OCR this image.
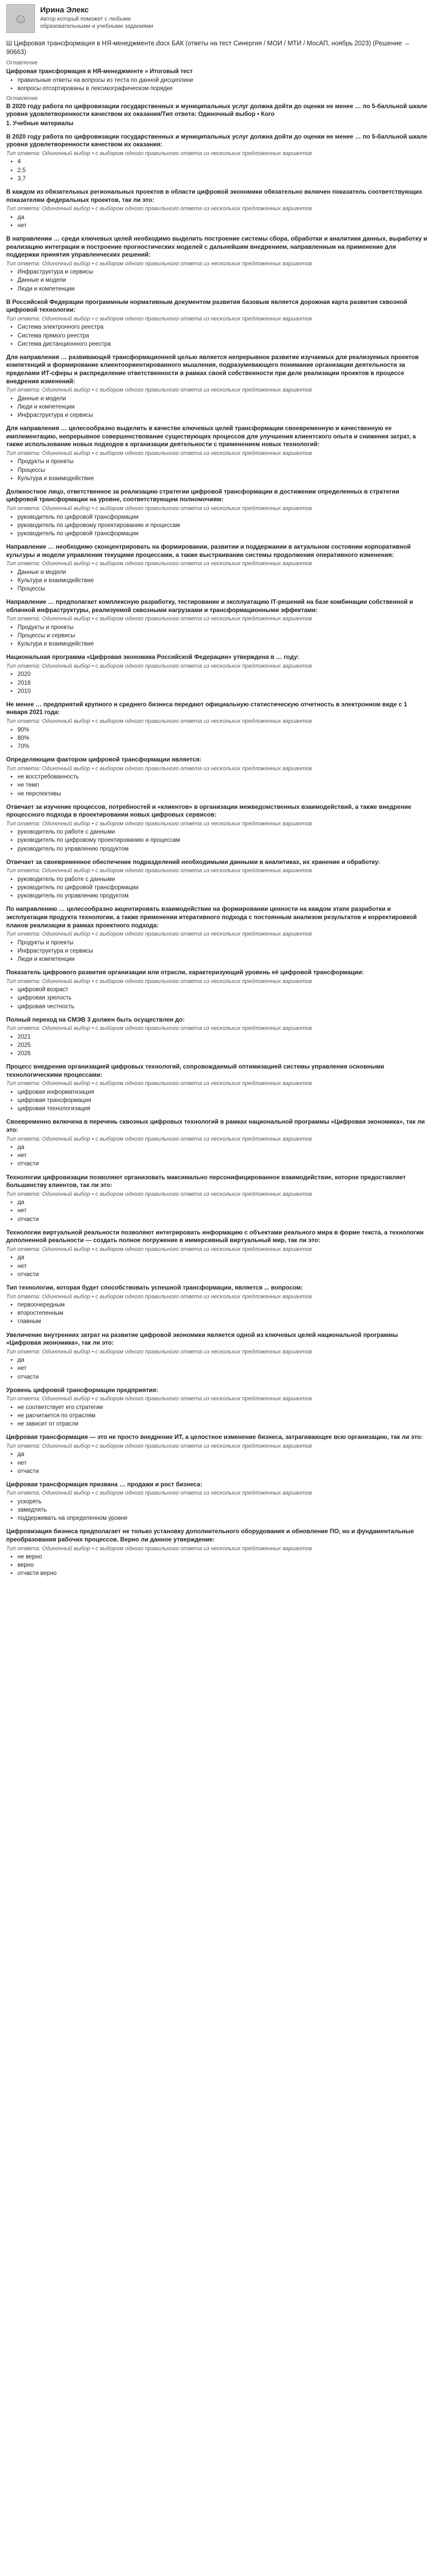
☺
Ирина Элекс
Автор который поможет с любыми образовательными и учебными заданиями
Ш Цифровая трансформация в НЯ-менеджменте.docx БАК (ответы на тест Синергия / МОИ / МТИ / МосАП, ноябрь 2023) (Решение → 90663)
Оглавление
Цифровая трансформация в НЯ-менеджменте » Итоговый тест
• правильные ответы на вопросы из теста по данной дисциплине
• вопросы отсортированы в лексикографическом порядке
Оглавление
В 2020 году работа по цифровизации государственных и муниципальных услуг должна дойти до оценки не менее … по 5-балльной шкале уровня удовлетворенности качеством их оказания/Тип ответа: Одиночный выбор • Кого
1. Учебные материалы
В 2020 году работа по цифровизации государственных и муниципальных услуг должна дойти до оценки не менее … по 5-балльной шкале уровня удовлетворенности качеством их оказания:
Тип ответа: Одиночный выбор • с выбором одного правильного ответа из нескольких предложенных вариантов
• 4
• 2,5
• 3,7
В каждом из обязательных региональных проектов в области цифровой экономики обязательно включен показатель соответствующих показателям федеральных проектов, так ли это:
Тип ответа: Одиночный выбор • с выбором одного правильного ответа из нескольких предложенных вариантов
• да
• нет
В направлении … среди ключевых целей необходимо выделить построение системы сбора, обработки и аналитики данных, выработку и реализацию интеграции и построение прогностических моделей с дальнейшим внедрением, направленным на применение для поддержки принятия управленческих решений:
Тип ответа: Одиночный выбор • с выбором одного правильного ответа из нескольких предложенных вариантов
• Инфраструктура и сервисы
• Данные и модели
• Люди и компетенции
В Российской Федерации программным нормативным документом развития базовым является дорожная карта развития сквозной цифровой технологии:
Тип ответа: Одиночный выбор • с выбором одного правильного ответа из нескольких предложенных вариантов
• Система электронного реестра
• Система прямого реестра
• Система дистанционного реестра
Для направления … развивающей трансформационной целью является непрерывное развитие изучаемых для реализуемых проектов компетенций и формирование клиентоориентированного мышления, подразумевающего понимание организации деятельности за пределами ИТ-сферы и распределение ответственности в рамках своей собственности при деле реализации проектов в процессе внедрения изменений:
Тип ответа: Одиночный выбор • с выбором одного правильного ответа из нескольких предложенных вариантов
• Данные и модели
• Люди и компетенции
• Инфраструктура и сервисы
Для направления … целесообразно выделить в качестве ключевых целей трансформации своевременную и качественную ее имплементацию, непрерывное совершенствование существующих процессов для улучшения клиентского опыта и снижения затрат, а также использование новых подходов к организации деятельности с применением новых технологий:
Тип ответа: Одиночный выбор • с выбором одного правильного ответа из нескольких предложенных вариантов
• Продукты и проекты
• Процессы
• Культура и взаимодействие
Должностное лицо, ответственное за реализацию стратегии цифровой трансформации в достижении определенных в стратегии цифровой трансформации на уровне, соответствующем полномочиям:
Тип ответа: Одиночный выбор • с выбором одного правильного ответа из нескольких предложенных вариантов
• руководитель по цифровой трансформации
• руководитель по цифровому проектированию и процессам
• руководитель по цифровой трансформации
Направление … необходимо сконцентрировать на формировании, развитии и поддержании в актуальном состоянии корпоративной культуры и модели управления текущими процессами, а также выстраивании системы продолжения оперативного изменения:
Тип ответа: Одиночный выбор • с выбором одного правильного ответа из нескольких предложенных вариантов
• Данные и модели
• Культура и взаимодействие
• Процессы
Направление … предполагает комплексную разработку, тестирование и эксплуатацию IT-решений на базе комбинации собственной и облачной инфраструктуры, реализуемой сквозными нагрузками и трансформационными эффектами:
Тип ответа: Одиночный выбор • с выбором одного правильного ответа из нескольких предложенных вариантов
• Продукты и проекты
• Процессы и сервисы
• Культура и взаимодействие
Национальная программа «Цифровая экономика Российской Федерации» утверждена в … году:
Тип ответа: Одиночный выбор • с выбором одного правильного ответа из нескольких предложенных вариантов
• 2020
• 2018
• 2010
Не менее … предприятий крупного и среднего бизнеса передают официальную статистическую отчетность в электронном виде с 1 января 2021 года:
Тип ответа: Одиночный выбор • с выбором одного правильного ответа из нескольких предложенных вариантов
• 90%
• 80%
• 70%
Определяющим фактором цифровой трансформации является:
Тип ответа: Одиночный выбор • с выбором одного правильного ответа из нескольких предложенных вариантов
• не восстребованность
• не темп
• не перспективы
Отвечает за изучение процессов, потребностей и «клиентов» в организации межведомственных взаимодействий, а также внедрение процессного подхода в проектировании новых цифровых сервисов:
Тип ответа: Одиночный выбор • с выбором одного правильного ответа из нескольких предложенных вариантов
• руководитель по работе с данными
• руководитель по цифровому проектированию и процессам
• руководитель по управлению продуктом
Отвечает за своевременное обеспечение подразделений необходимыми данными в аналитиках, их хранение и обработку:
Тип ответа: Одиночный выбор • с выбором одного правильного ответа из нескольких предложенных вариантов
• руководитель по работе с данными
• руководитель по цифровой трансформации
• руководитель по управлению продуктом
По направлению … целесообразно акцентировать взаимодействие на формировании ценности на каждом этапе разработки и эксплуатации продукта технологии, а также применении итеративного подхода с постоянным анализом результатов и корректировкой планов реализации в рамках проектного подхода:
Тип ответа: Одиночный выбор • с выбором одного правильного ответа из нескольких предложенных вариантов
• Продукты и проекты
• Инфраструктура и сервисы
• Люди и компетенции
Показатель цифрового развития организации или отрасли, характеризующий уровень её цифровой трансформации:
Тип ответа: Одиночный выбор • с выбором одного правильного ответа из нескольких предложенных вариантов
• цифровой возраст
• цифровая зрелость
• цифровая честность
Полный переход на СМЭВ 3 должен быть осуществлен до:
Тип ответа: Одиночный выбор • с выбором одного правильного ответа из нескольких предложенных вариантов
• 2021
• 2025
• 2026
Процесс внедрения организацией цифровых технологий, сопровождаемый оптимизацией системы управления основными технологическими процессами:
Тип ответа: Одиночный выбор • с выбором одного правильного ответа из нескольких предложенных вариантов
• цифровая информатизация
• цифровая трансформация
• цифровая технологизация
Своевременно включена в перечень сквозных цифровых технологий в рамках национальной программы «Цифровая экономика», так ли это:
Тип ответа: Одиночный выбор • с выбором одного правильного ответа из нескольких предложенных вариантов
• да
• нет
• отчасти
Технологии цифровизации позволяют организовать максимально персонифицированное взаимодействие, которое предоставляет большинству клиентов, так ли это:
Тип ответа: Одиночный выбор • с выбором одного правильного ответа из нескольких предложенных вариантов
• да
• нет
• отчасти
Технологии виртуальной реальности позволяют интегрировать информацию с объектами реального мира в форме текста, а технологии дополненной реальности — создать полное погружение в иммерсивный виртуальный мир, так ли это:
Тип ответа: Одиночный выбор • с выбором одного правильного ответа из нескольких предложенных вариантов
• да
• нет
• отчасти
Тип технологии, которая будет способствовать успешной трансформации, является ... вопросом:
Тип ответа: Одиночный выбор • с выбором одного правильного ответа из нескольких предложенных вариантов
• первоочередным
• второстепенным
• главным
Увеличение внутренних затрат на развитие цифровой экономики является одной из ключевых целей национальной программы «Цифровая экономика», так ли это:
Тип ответа: Одиночный выбор • с выбором одного правильного ответа из нескольких предложенных вариантов
• да
• нет
• отчасти
Уровень цифровой трансформации предприятия:
Тип ответа: Одиночный выбор • с выбором одного правильного ответа из нескольких предложенных вариантов
• не соответствует его стратегии
• не расчитается по отраслям
• не зависит от отрасли
Цифровая трансформация — это не просто внедрение ИТ, а целостное изменение бизнеса, затрагивающее всю организацию, так ли это:
Тип ответа: Одиночный выбор • с выбором одного правильного ответа из нескольких предложенных вариантов
• да
• нет
• отчасти
Цифровая трансформация призвана … продажи и рост бизнеса:
Тип ответа: Одиночный выбор • с выбором одного правильного ответа из нескольких предложенных вариантов
• ускорять
• замедлять
• поддерживать на определенном уровне
Цифровизация бизнеса предполагает не только установку дополнительного оборудования и обновление ПО, но и фундаментальные преобразования рабочих процессов. Верно ли данное утверждение:
Тип ответа: Одиночный выбор • с выбором одного правильного ответа из нескольких предложенных вариантов
• не верно
• верно
• отчасти верно
